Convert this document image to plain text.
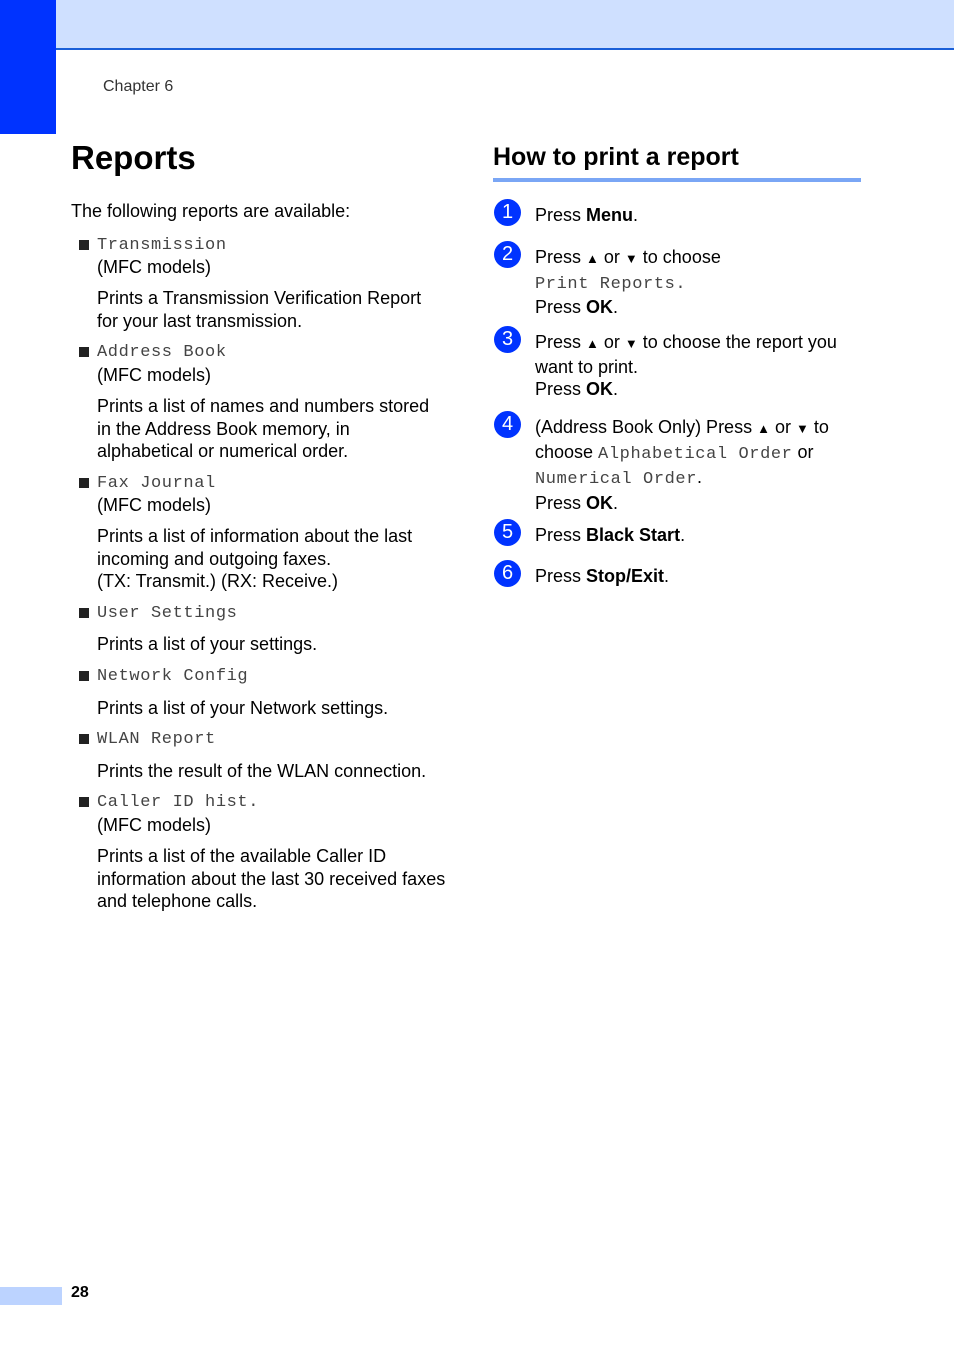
Chapter 6
Reports

The following reports are available:

Transmission

(MFC models)

Prints a Transmission Verification Report for your last transmission.

Address Book

(MFC models)

Prints a list of names and numbers stored in the Address Book memory, in alphabetical or numerical order.

Fax Journal

(MFC models)

Prints a list of information about the last incoming and outgoing faxes.

(TX: Transmit.) (RX: Receive.)

User Settings

Prints a list of your settings.

Network Config

Prints a list of your Network settings.

WLAN Report

Prints the result of the WLAN connection.

Caller ID hist.

(MFC models)

Prints a list of the available Caller ID information about the last 30 received faxes and telephone calls.

How to print a report
1	Press Menu.
2	Press ▲ or ▼ to choose
Print Reports.
Press OK.
3	Press ▲ or ▼ to choose the report you want to print.
Press OK.
4	(Address Book Only) Press ▲ or ▼ to choose Alphabetical Order or
Numerical Order.
Press OK.
5	Press Black Start.
6	Press Stop/Exit.
28
